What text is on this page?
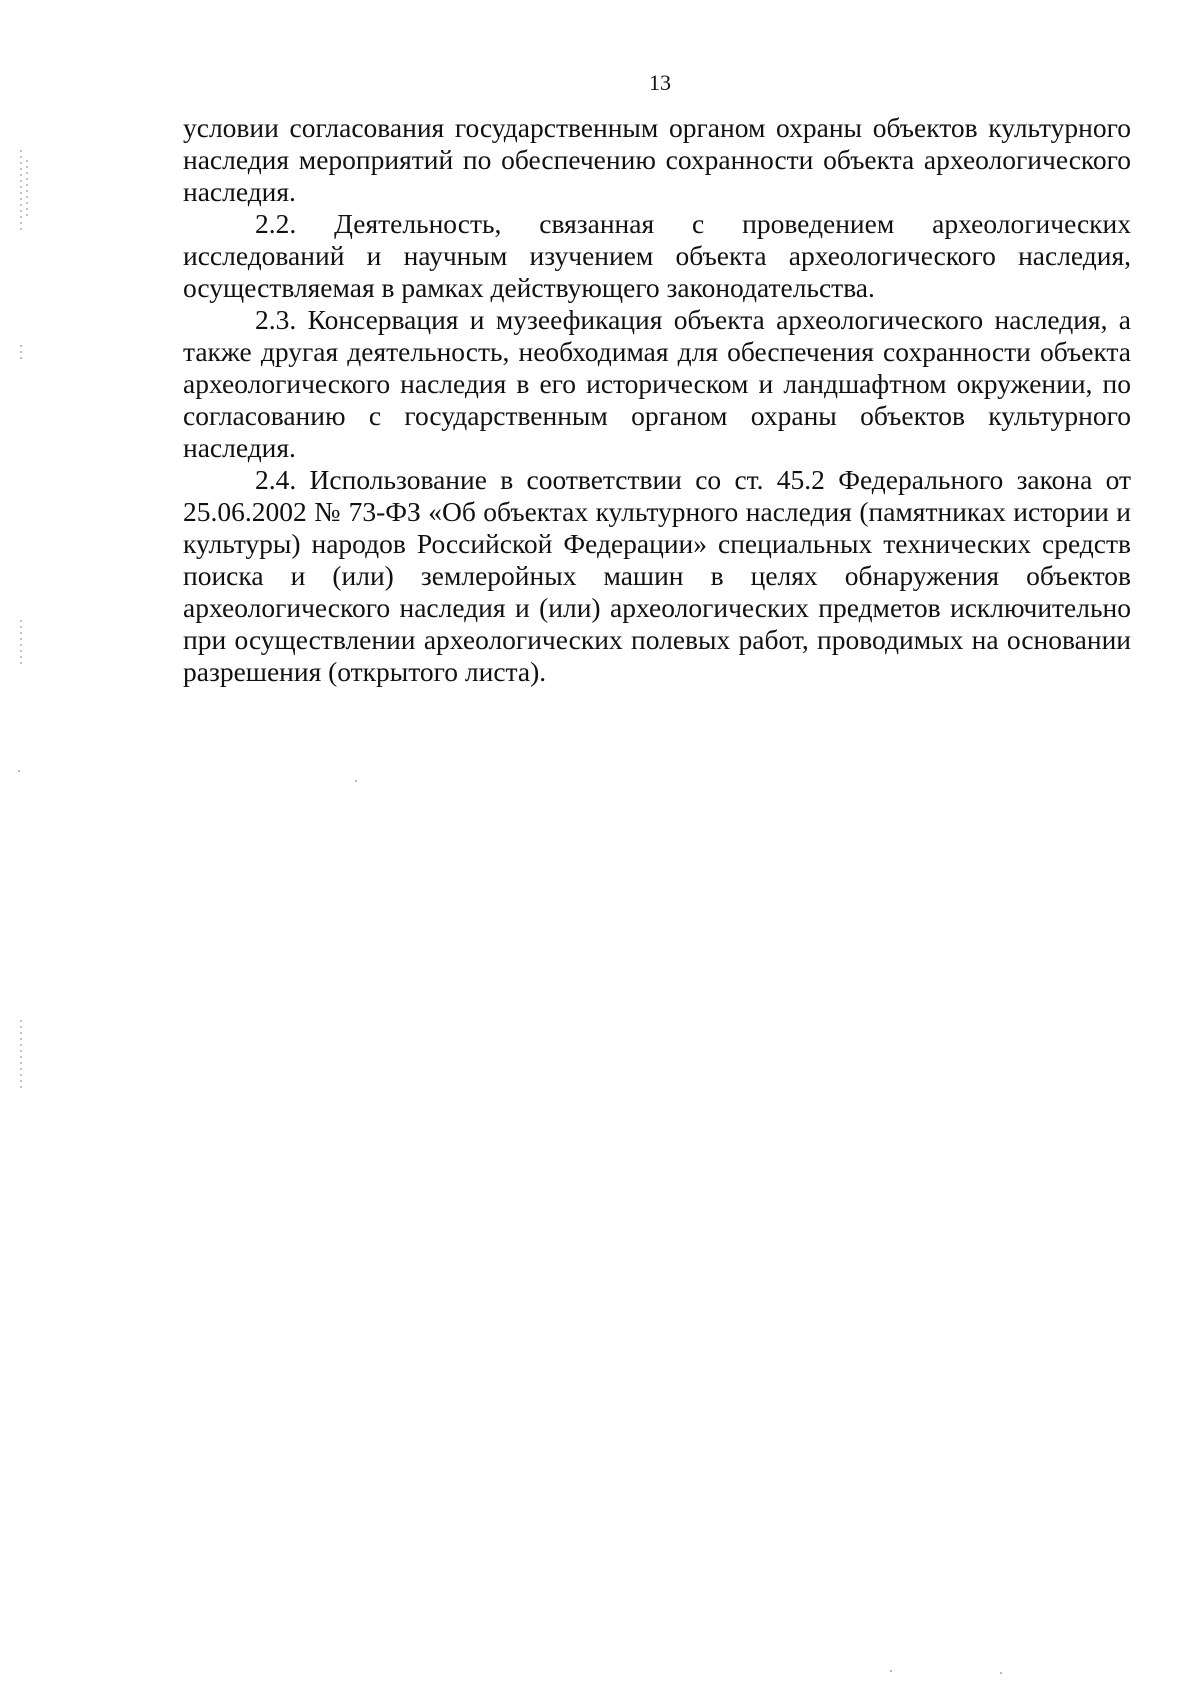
13

условии согласования государственным органом охраны объектов культурного наследия мероприятий по обеспечению сохранности объекта археологического наследия.

2.2. Деятельность, связанная с проведением археологических исследований и научным изучением объекта археологического наследия, осуществляемая в рамках действующего законодательства.

2.3. Консервация и музеефикация объекта археологического наследия, а также другая деятельность, необходимая для обеспечения сохранности объекта археологического наследия в его историческом и ландшафтном окружении, по согласованию с государственным органом охраны объектов культурного наследия.

2.4. Использование в соответствии со ст. 45.2 Федерального закона от 25.06.2002 № 73-ФЗ «Об объектах культурного наследия (памятниках истории и культуры) народов Российской Федерации» специальных технических средств поиска и (или) землеройных машин в целях обнаружения объектов археологического наследия и (или) археологических предметов исключительно при осуществлении археологических полевых работ, проводимых на основании разрешения (открытого листа).
